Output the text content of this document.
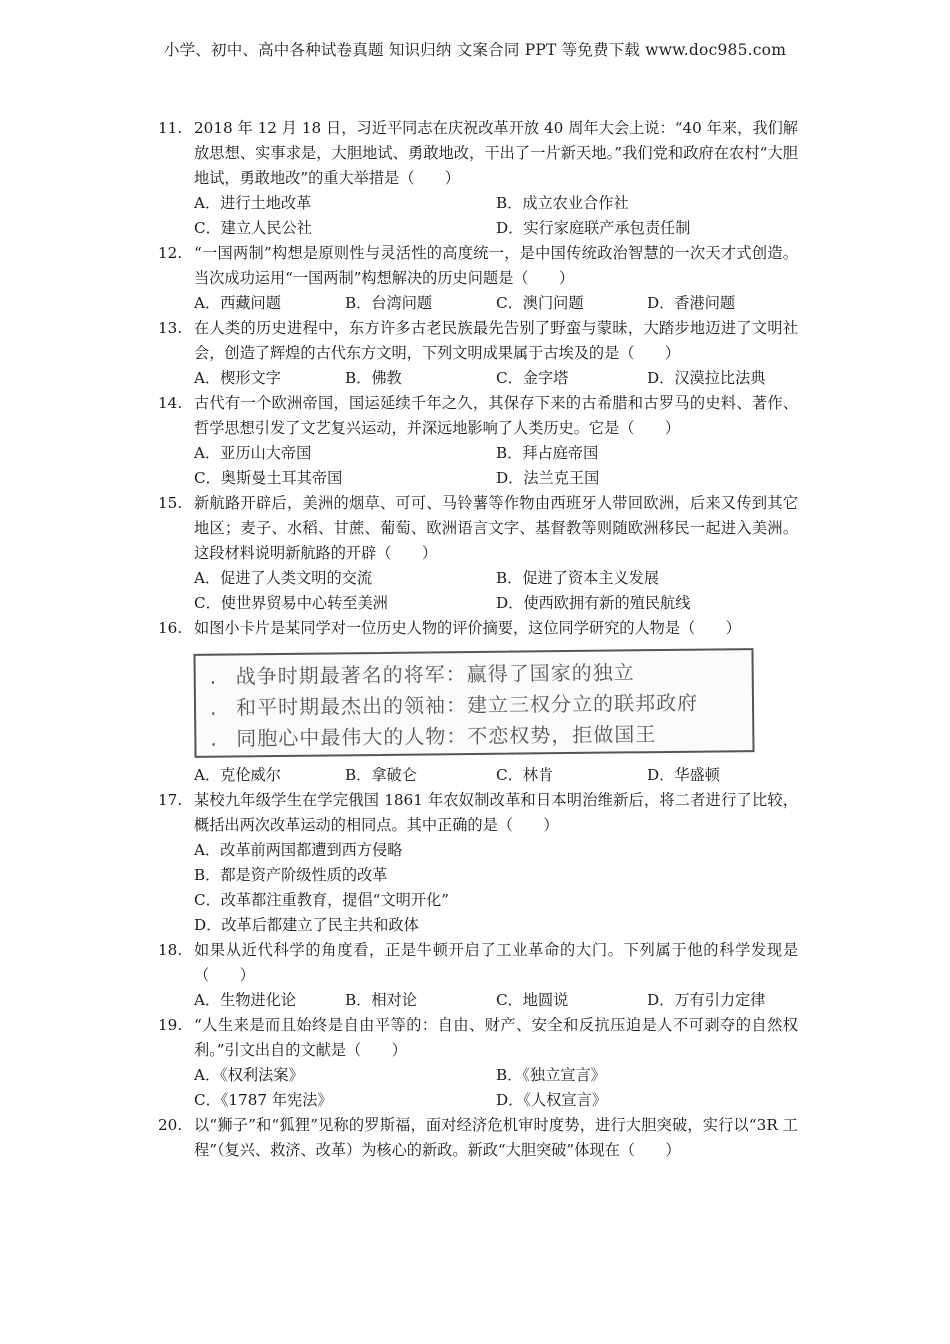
小学、初中、高中各种试卷真题 知识归纳 文案合同 PPT 等免费下载 www.doc985.com
11. 2018 年 12 月 18 日，习近平同志在庆祝改革开放 40 周年大会上说：“40 年来，我们解放思想、实事求是，大胆地试、勇敢地改，干出了一片新天地。”我们党和政府在农村“大胆地试，勇敢地改”的重大举措是（　　）
A．进行土地改革	B．成立农业合作社
C．建立人民公社	D．实行家庭联产承包责任制
12. “一国两制”构想是原则性与灵活性的高度统一，是中国传统政治智慧的一次天才式创造。当次成功运用“一国两制”构想解决的历史问题是（　　）
A．西藏问题	B．台湾问题	C．澳门问题	D．香港问题
13. 在人类的历史进程中，东方许多古老民族最先告别了野蛮与蒙昧，大踏步地迈进了文明社会，创造了辉煌的古代东方文明，下列文明成果属于古埃及的是（　　）
A．楔形文字	B．佛教	C．金字塔	D．汉漠拉比法典
14. 古代有一个欧洲帝国，国运延续千年之久，其保存下来的古希腊和古罗马的史料、著作、哲学思想引发了文艺复兴运动，并深远地影响了人类历史。它是（　　）
A．亚历山大帝国	B．拜占庭帝国
C．奥斯曼土耳其帝国	D．法兰克王国
15. 新航路开辟后，美洲的烟草、可可、马铃薯等作物由西班牙人带回欧洲，后来又传到其它地区；麦子、水稻、甘蔗、葡萄、欧洲语言文字、基督教等则随欧洲移民一起进入美洲。这段材料说明新航路的开辟（　　）
A．促进了人类文明的交流	B．促进了资本主义发展
C．使世界贸易中心转至美洲	D．使西欧拥有新的殖民航线
16. 如图小卡片是某同学对一位历史人物的评价摘要，这位同学研究的人物是（　　）
. 战争时期最著名的将军：赢得了国家的独立
. 和平时期最杰出的领袖：建立三权分立的联邦政府
. 同胞心中最伟大的人物：不恋权势，拒做国王
A．克伦威尔	B．拿破仑	C．林肯	D．华盛顿
17. 某校九年级学生在学完俄国 1861 年农奴制改革和日本明治维新后，将二者进行了比较，概括出两次改革运动的相同点。其中正确的是（　　）
A．改革前两国都遭到西方侵略
B．都是资产阶级性质的改革
C．改革都注重教育，提倡“文明开化”
D．改革后都建立了民主共和政体
18. 如果从近代科学的角度看，正是牛顿开启了工业革命的大门。下列属于他的科学发现是（　　）
A．生物进化论	B．相对论	C．地圆说	D．万有引力定律
19. “人生来是而且始终是自由平等的：自由、财产、安全和反抗压迫是人不可剥夺的自然权利。”引文出自的文献是（　　）
A．《权利法案》	B．《独立宣言》
C．《1787 年宪法》	D．《人权宣言》
20. 以“狮子”和“狐狸”见称的罗斯福，面对经济危机审时度势，进行大胆突破，实行以“3R 工程”（复兴、救济、改革）为核心的新政。新政“大胆突破”体现在（　　）
